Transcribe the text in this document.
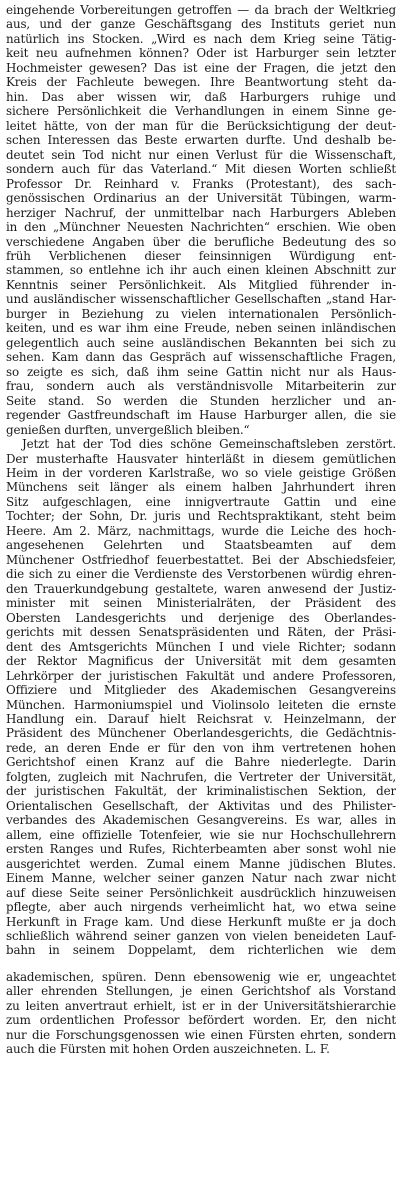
eingehende Vorbereitungen getroffen — da brach der Weltkrieg
aus, und der ganze Geschäftsgang des Instituts geriet nun
natürlich ins Stocken. „Wird es nach dem Krieg seine Tätig-
keit neu aufnehmen können? Oder ist Harburger sein letzter
Hochmeister gewesen? Das ist eine der Fragen, die jetzt den
Kreis der Fachleute bewegen. Ihre Beantwortung steht da-
hin. Das aber wissen wir, daß Harburgers ruhige und
sichere Persönlichkeit die Verhandlungen in einem Sinne ge-
leitet hätte, von der man für die Berücksichtigung der deut-
schen Interessen das Beste erwarten durfte. Und deshalb be-
deutet sein Tod nicht nur einen Verlust für die Wissenschaft,
sondern auch für das Vaterland.“ Mit diesen Worten schließt
Professor Dr. Reinhard v. Franks (Protestant), des sach-
genössischen Ordinarius an der Universität Tübingen, warm-
herziger Nachruf, der unmittelbar nach Harburgers Ableben
in den „Münchner Neuesten Nachrichten“ erschien. Wie oben
verschiedene Angaben über die berufliche Bedeutung des so
früh Verblichenen dieser feinsinnigen Würdigung ent-
stammen, so entlehne ich ihr auch einen kleinen Abschnitt zur
Kenntnis seiner Persönlichkeit. Als Mitglied führender in-
und ausländischer wissenschaftlicher Gesellschaften „stand Har-
burger in Beziehung zu vielen internationalen Persönlich-
keiten, und es war ihm eine Freude, neben seinen inländischen
gelegentlich auch seine ausländischen Bekannten bei sich zu
sehen. Kam dann das Gespräch auf wissenschaftliche Fragen,
so zeigte es sich, daß ihm seine Gattin nicht nur als Haus-
frau, sondern auch als verständnisvolle Mitarbeiterin zur
Seite stand. So werden die Stunden herzlicher und an-
regender Gastfreundschaft im Hause Harburger allen, die sie
genießen durften, unvergeßlich bleiben.“
Jetzt hat der Tod dies schöne Gemeinschaftsleben zerstört.
Der musterhafte Hausvater hinterläßt in diesem gemütlichen
Heim in der vorderen Karlstraße, wo so viele geistige Größen
Münchens seit länger als einem halben Jahrhundert ihren
Sitz aufgeschlagen, eine innigvertraute Gattin und eine
Tochter; der Sohn, Dr. juris und Rechtspraktikant, steht beim
Heere. Am 2. März, nachmittags, wurde die Leiche des hoch-
angesehenen Gelehrten und Staatsbeamten auf dem
Münchener Ostfriedhof feuerbestattet. Bei der Abschiedsfeier,
die sich zu einer die Verdienste des Verstorbenen würdig ehren-
den Trauerkundgebung gestaltete, waren anwesend der Justiz-
minister mit seinen Ministerialräten, der Präsident des
Obersten Landesgerichts und derjenige des Oberlandes-
gerichts mit dessen Senatspräsidenten und Räten, der Präsi-
dent des Amtsgerichts München I und viele Richter; sodann
der Rektor Magnificus der Universität mit dem gesamten
Lehrkörper der juristischen Fakultät und andere Professoren,
Offiziere und Mitglieder des Akademischen Gesangvereins
München. Harmoniumspiel und Violinsolo leiteten die ernste
Handlung ein. Darauf hielt Reichsrat v. Heinzelmann, der
Präsident des Münchener Oberlandesgerichts, die Gedächtnis-
rede, an deren Ende er für den von ihm vertretenen hohen
Gerichtshof einen Kranz auf die Bahre niederlegte. Darin
folgten, zugleich mit Nachrufen, die Vertreter der Universität,
der juristischen Fakultät, der kriminalistischen Sektion, der
Orientalischen Gesellschaft, der Aktivitas und des Philister-
verbandes des Akademischen Gesangvereins. Es war, alles in
allem, eine offizielle Totenfeier, wie sie nur Hochschullehrern
ersten Ranges und Rufes, Richterbeamten aber sonst wohl nie
ausgerichtet werden. Zumal einem Manne jüdischen Blutes.
Einem Manne, welcher seiner ganzen Natur nach zwar nicht
auf diese Seite seiner Persönlichkeit ausdrücklich hinzuweisen
pflegte, aber auch nirgends verheimlicht hat, wo etwa seine
Herkunft in Frage kam. Und diese Herkunft mußte er ja doch
schließlich während seiner ganzen von vielen beneideten Lauf-
bahn in seinem Doppelamt, dem richterlichen wie dem
akademischen, spüren. Denn ebensowenig wie er, ungeachtet
aller ehrenden Stellungen, je einen Gerichtshof als Vorstand
zu leiten anvertraut erhielt, ist er in der Universitätshierarchie
zum ordentlichen Professor befördert worden. Er, den nicht
nur die Forschungsgenossen wie einen Fürsten ehrten, sondern
auch die Fürsten mit hohen Orden auszeichneten. L. F.
